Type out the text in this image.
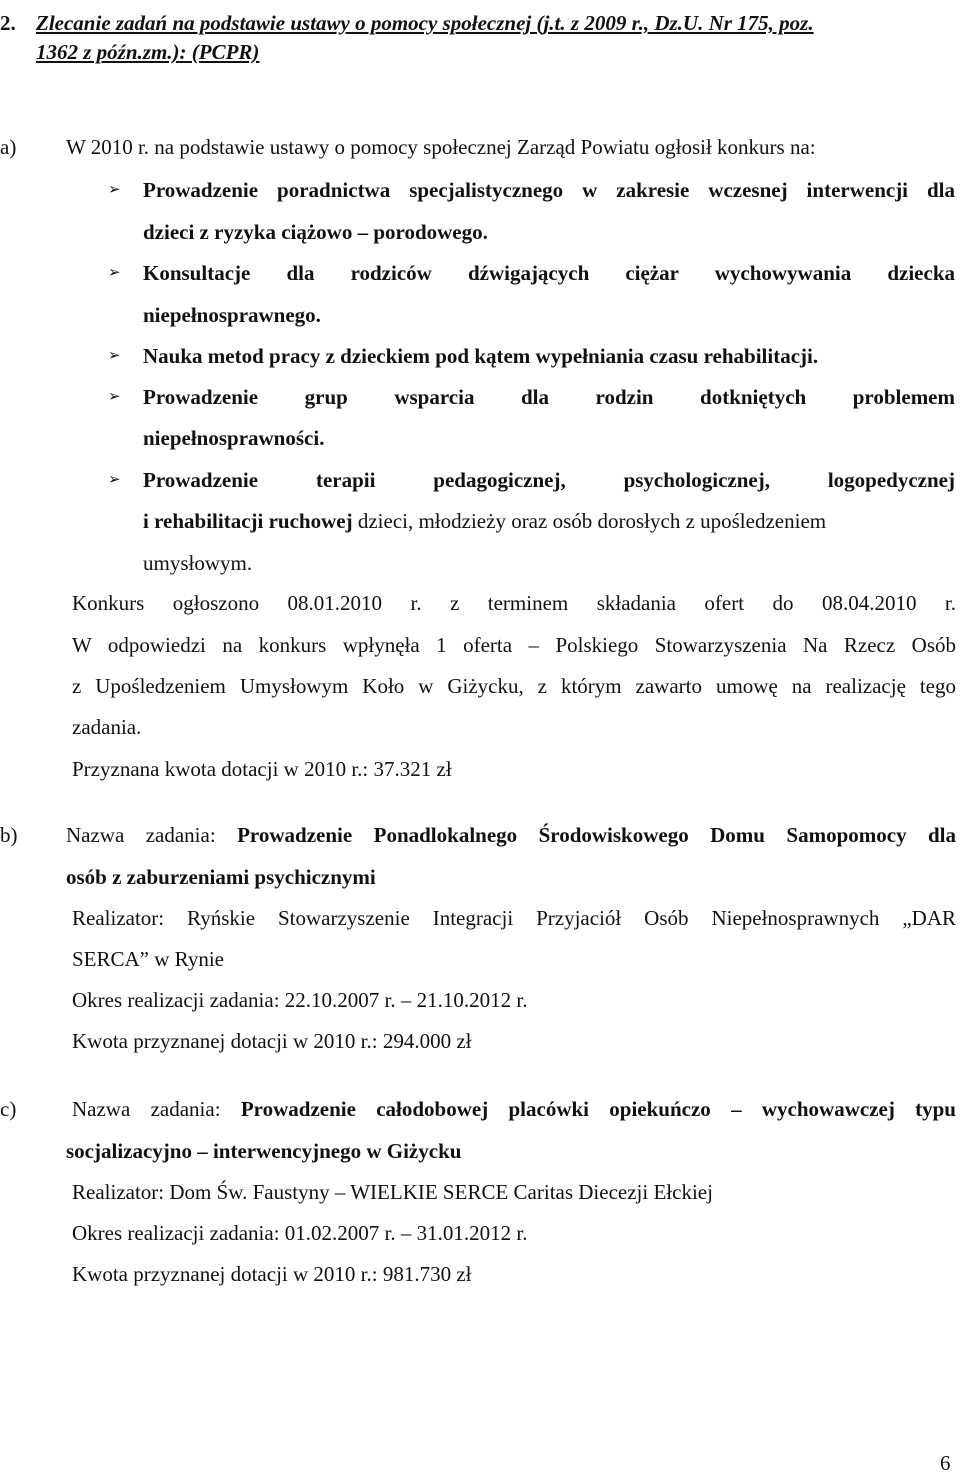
2. Zlecanie zadań na podstawie ustawy o pomocy społecznej (j.t. z 2009 r., Dz.U. Nr 175, poz.
1362 z późn.zm.): (PCPR)
a) W 2010 r. na podstawie ustawy o pomocy społecznej Zarząd Powiatu ogłosił konkurs na:
➢ Prowadzenie poradnictwa specjalistycznego w zakresie wczesnej interwencji dla
dzieci z ryzyka ciążowo – porodowego.
➢ Konsultacje dla rodziców dźwigających ciężar wychowywania dziecka
niepełnosprawnego.
➢ Nauka metod pracy z dzieckiem pod kątem wypełniania czasu rehabilitacji.
➢ Prowadzenie grup wsparcia dla rodzin dotkniętych problemem
niepełnosprawności.
➢ Prowadzenie terapii pedagogicznej, psychologicznej, logopedycznej
i rehabilitacji ruchowej dzieci, młodzieży oraz osób dorosłych z upośledzeniem
umysłowym.
Konkurs ogłoszono 08.01.2010 r. z terminem składania ofert do 08.04.2010 r.
W odpowiedzi na konkurs wpłynęła 1 oferta – Polskiego Stowarzyszenia Na Rzecz Osób
z Upośledzeniem Umysłowym Koło w Giżycku, z którym zawarto umowę na realizację tego
zadania.
Przyznana kwota dotacji w 2010 r.: 37.321 zł
b) Nazwa zadania: Prowadzenie Ponadlokalnego Środowiskowego Domu Samopomocy dla
osób z zaburzeniami psychicznymi
Realizator: Ryńskie Stowarzyszenie Integracji Przyjaciół Osób Niepełnosprawnych „DAR
SERCA” w Rynie
Okres realizacji zadania: 22.10.2007 r. – 21.10.2012 r.
Kwota przyznanej dotacji w 2010 r.: 294.000 zł
c)	Nazwa zadania: Prowadzenie całodobowej placówki opiekuńczo – wychowawczej typu
socjalizacyjno – interwencyjnego w Giżycku
Realizator: Dom Św. Faustyny – WIELKIE SERCE Caritas Diecezji Ełckiej
Okres realizacji zadania: 01.02.2007 r. – 31.01.2012 r.
Kwota przyznanej dotacji w 2010 r.: 981.730 zł
6
